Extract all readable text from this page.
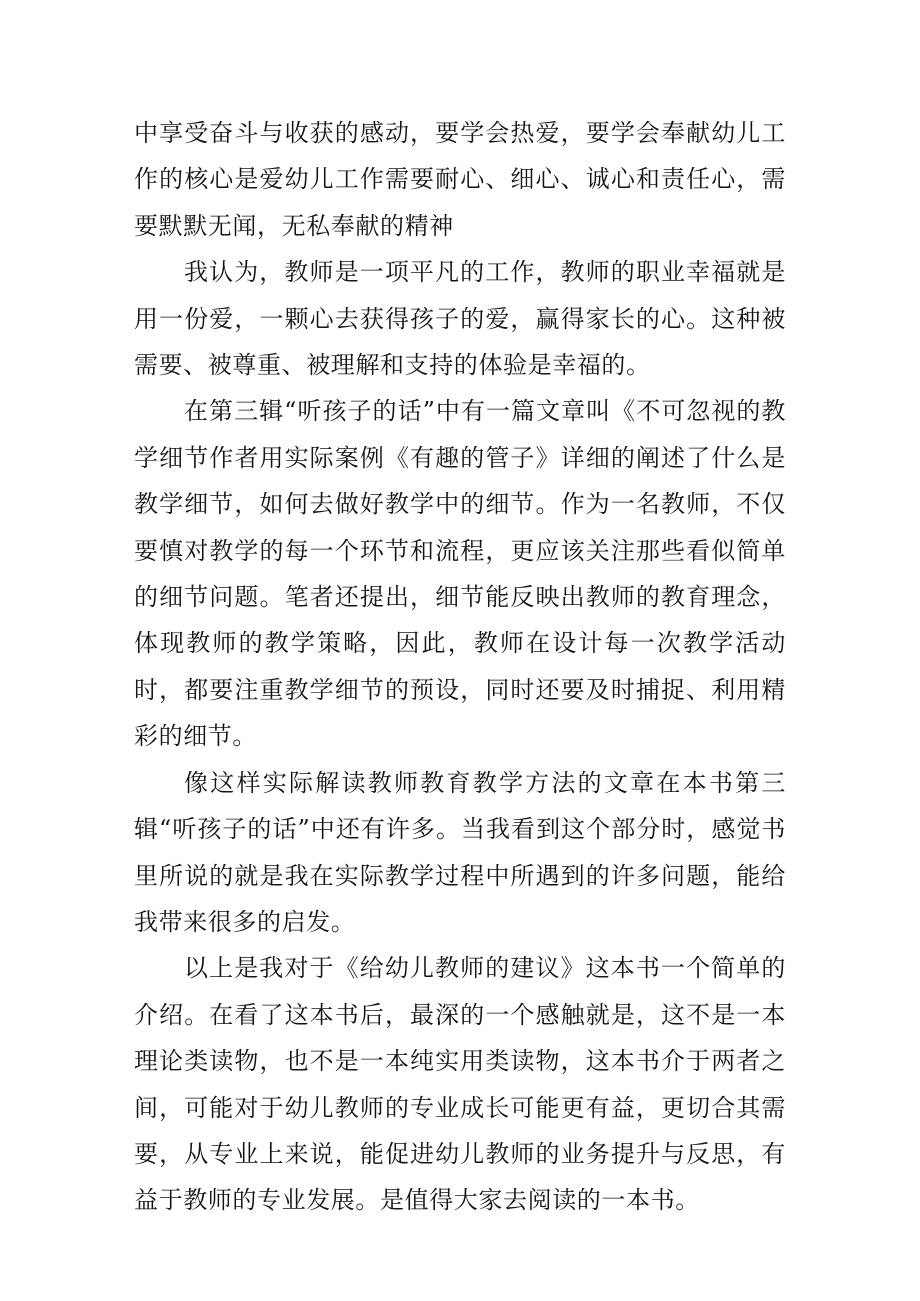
中享受奋斗与收获的感动，要学会热爱，要学会奉献幼儿工作的核心是爱幼儿工作需要耐心、细心、诚心和责任心，需要默默无闻，无私奉献的精神

我认为，教师是一项平凡的工作，教师的职业幸福就是用一份爱，一颗心去获得孩子的爱，赢得家长的心。这种被需要、被尊重、被理解和支持的体验是幸福的。

在第三辑“听孩子的话”中有一篇文章叫《不可忽视的教学细节作者用实际案例《有趣的管子》详细的阐述了什么是教学细节，如何去做好教学中的细节。作为一名教师，不仅要慎对教学的每一个环节和流程，更应该关注那些看似简单的细节问题。笔者还提出，细节能反映出教师的教育理念，体现教师的教学策略，因此，教师在设计每一次教学活动时，都要注重教学细节的预设，同时还要及时捕捉、利用精彩的细节。

像这样实际解读教师教育教学方法的文章在本书第三辑“听孩子的话”中还有许多。当我看到这个部分时，感觉书里所说的就是我在实际教学过程中所遇到的许多问题，能给我带来很多的启发。

以上是我对于《给幼儿教师的建议》这本书一个简单的介绍。在看了这本书后，最深的一个感触就是，这不是一本理论类读物，也不是一本纯实用类读物，这本书介于两者之间，可能对于幼儿教师的专业成长可能更有益，更切合其需要，从专业上来说，能促进幼儿教师的业务提升与反思，有益于教师的专业发展。是值得大家去阅读的一本书。
